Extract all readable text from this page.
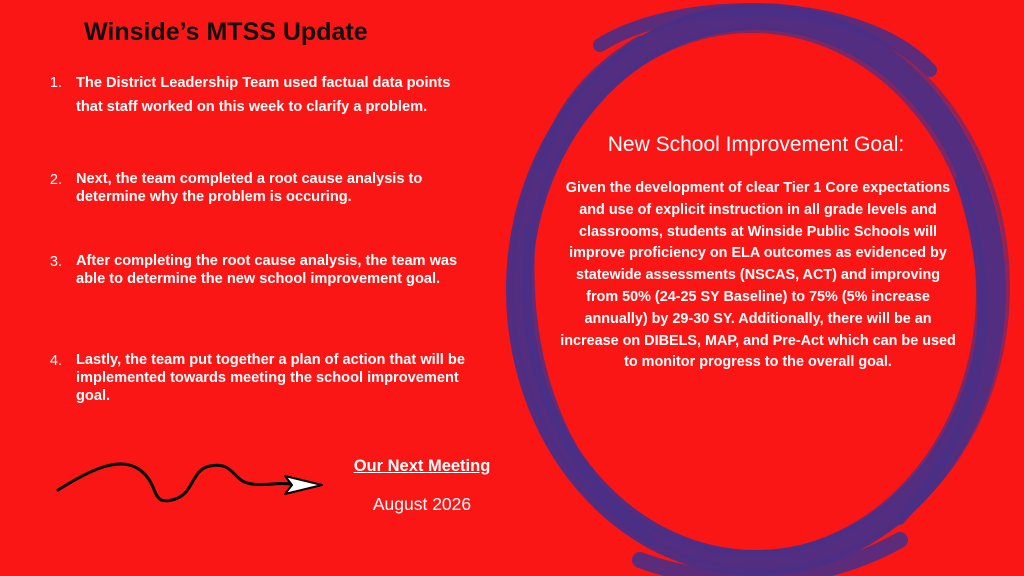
Winside’s MTSS Update
1. The District Leadership Team used factual data points that staff worked on this week to clarify a problem.
2. Next, the team completed a root cause analysis to determine why the problem is occuring.
3. After completing the root cause analysis, the team was able to determine the new school improvement goal.
4. Lastly, the team put together a plan of action that will be implemented towards meeting the school improvement goal.
New School Improvement Goal:
Given the development of clear Tier 1 Core expectations and use of explicit instruction in all grade levels and classrooms, students at Winside Public Schools will improve proficiency on ELA outcomes as evidenced by statewide assessments (NSCAS, ACT) and improving from 50% (24-25 SY Baseline) to 75% (5% increase annually) by 29-30 SY. Additionally, there will be an increase on DIBELS, MAP, and Pre-Act which can be used to monitor progress to the overall goal.
Our Next Meeting
August 2026
